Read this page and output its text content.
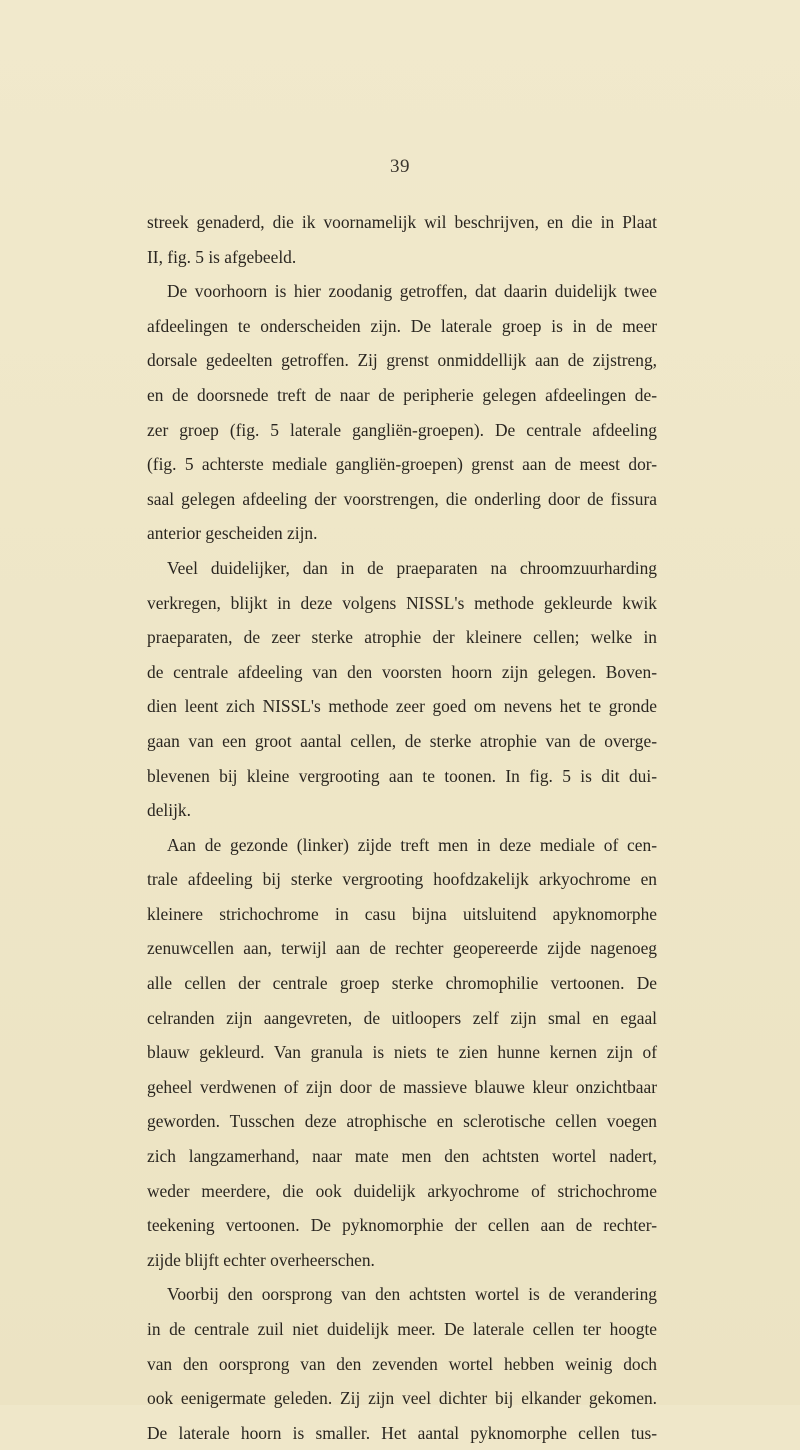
39
streek genaderd, die ik voornamelijk wil beschrijven, en die in Plaat
II, fig. 5 is afgebeeld.
De voorhoorn is hier zoodanig getroffen, dat daarin duidelijk twee
afdeelingen te onderscheiden zijn. De laterale groep is in de meer
dorsale gedeelten getroffen. Zij grenst onmiddellijk aan de zijstreng,
en de doorsnede treft de naar de peripherie gelegen afdeelingen de-
zer groep (fig. 5 laterale gangliën-groepen). De centrale afdeeling
(fig. 5 achterste mediale gangliën-groepen) grenst aan de meest dor-
saal gelegen afdeeling der voorstrengen, die onderling door de fissura
anterior gescheiden zijn.
Veel duidelijker, dan in de praeparaten na chroomzuurharding
verkregen, blijkt in deze volgens NISSL's methode gekleurde kwik
praeparaten, de zeer sterke atrophie der kleinere cellen; welke in
de centrale afdeeling van den voorsten hoorn zijn gelegen. Boven-
dien leent zich NISSL's methode zeer goed om nevens het te gronde
gaan van een groot aantal cellen, de sterke atrophie van de overge-
blevenen bij kleine vergrooting aan te toonen. In fig. 5 is dit dui-
delijk.
Aan de gezonde (linker) zijde treft men in deze mediale of cen-
trale afdeeling bij sterke vergrooting hoofdzakelijk arkyochrome en
kleinere strichochrome in casu bijna uitsluitend apyknomorphe
zenuwcellen aan, terwijl aan de rechter geopereerde zijde nagenoeg
alle cellen der centrale groep sterke chromophilie vertoonen. De
celranden zijn aangevreten, de uitloopers zelf zijn smal en egaal
blauw gekleurd. Van granula is niets te zien hunne kernen zijn of
geheel verdwenen of zijn door de massieve blauwe kleur onzichtbaar
geworden. Tusschen deze atrophische en sclerotische cellen voegen
zich langzamerhand, naar mate men den achtsten wortel nadert,
weder meerdere, die ook duidelijk arkyochrome of strichochrome
teekening vertoonen. De pyknomorphie der cellen aan de rechter-
zijde blijft echter overheerschen.
Voorbij den oorsprong van den achtsten wortel is de verandering
in de centrale zuil niet duidelijk meer. De laterale cellen ter hoogte
van den oorsprong van den zevenden wortel hebben weinig doch
ook eenigermate geleden. Zij zijn veel dichter bij elkander gekomen.
De laterale hoorn is smaller. Het aantal pyknomorphe cellen tus-
